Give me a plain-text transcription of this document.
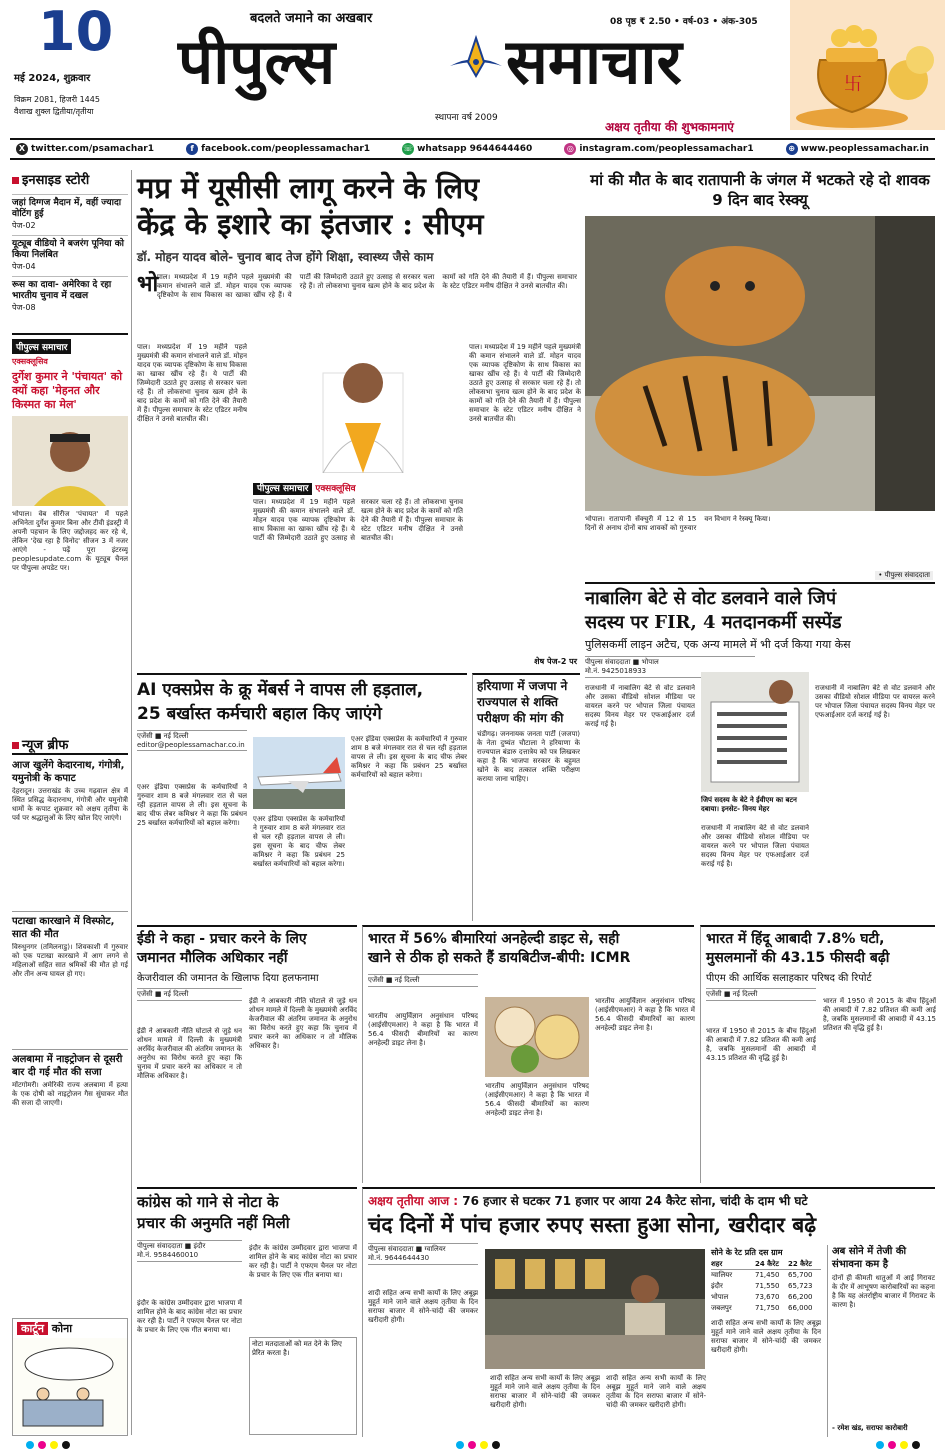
10
मई 2024, शुक्रवार
विक्रम 2081, हिजरी 1445
वैशाख शुक्ल द्वितीया/तृतीया
बदलते जमाने का अखबार
पीपुल्स	समाचार
स्थापना वर्ष 2009
08 पृष्ठ ₹ 2.50 • वर्ष-03 • अंक-305
अक्षय तृतीया की शुभकामनाएं
卐
X twitter.com/psamachar1	f facebook.com/peoplessamachar1	☏ whatsapp 9644644460	◎ instagram.com/peoplessamachar1	⊕ www.peoplessamachar.in
इनसाइड स्टोरी
जहां दिग्गज मैदान में, वहीं ज्यादा वोटिंग हुई
पेज-02
यूट्यूब वीडियो ने बजरंग पूनिया को किया निलंबित
पेज-04
रूस का दावा- अमेरिका दे रहा भारतीय चुनाव में दखल
पेज-08
पीपुल्स समाचार
एक्सक्लूसिव
दुर्गेश कुमार ने 'पंचायत' को क्यों कहा 'मेहनत और किस्मत का मेल'
भोपाल। वेब सीरीज 'पंचायत' में पहले अभिनेता दुर्गेश कुमार बिना और टीवी इंडस्ट्री में अपनी पहचान के लिए जद्दोजहद कर रहे थे, लेकिन 'देख रहा है विनोद' सीजन 3 में नजर आएंगे - पढ़ें पूरा इंटरव्यू peoplesupdate.com के यूट्यूब चैनल पर पीपुल्स अपडेट पर।
न्यूज ब्रीफ
आज खुलेंगे केदारनाथ, गंगोत्री, यमुनोत्री के कपाट
देहरादून। उत्तराखंड के उच्च गढ़वाल क्षेत्र में स्थित प्रसिद्ध केदारनाथ, गंगोत्री और यमुनोत्री धामों के कपाट शुक्रवार को अक्षय तृतीया के पर्व पर श्रद्धालुओं के लिए खोल दिए जाएंगे।
पटाखा कारखाने में विस्फोट, सात की मौत
विरुधुनगर (तमिलनाडु)। शिवकाशी में गुरुवार को एक पटाखा कारखाने में आग लगने से महिलाओं सहित सात श्रमिकों की मौत हो गई और तीन अन्य घायल हो गए।
अलबामा में नाइट्रोजन से दूसरी बार दी गई मौत की सजा
मोंटगोमरी। अमेरिकी राज्य अलबामा में हत्या के एक दोषी को नाइट्रोजन गैस सुंघाकर मौत की सजा दी जाएगी।
कार्टून कोना
मप्र में यूसीसी लागू करने के लिए
केंद्र के इशारे का इंतजार : सीएम
डॉ. मोहन यादव बोले- चुनाव बाद तेज होंगे शिक्षा, स्वास्थ्य जैसे काम
भो
पाल। मध्यप्रदेश में 19 महीने पहले मुख्यमंत्री की कमान संभालने वाले डॉ. मोहन यादव एक व्यापक दृष्टिकोण के साथ विकास का खाका खींच रहे हैं। ये पार्टी की जिम्मेदारी उठाते हुए उत्साह से सरकार चला रहे हैं। तो लोकसभा चुनाव खत्म होने के बाद प्रदेश के कामों को गति देने की तैयारी में हैं। पीपुल्स समाचार के स्टेट एडिटर मनीष दीक्षित ने उनसे बातचीत की।
पाल। मध्यप्रदेश में 19 महीने पहले मुख्यमंत्री की कमान संभालने वाले डॉ. मोहन यादव एक व्यापक दृष्टिकोण के साथ विकास का खाका खींच रहे हैं। ये पार्टी की जिम्मेदारी उठाते हुए उत्साह से सरकार चला रहे हैं। तो लोकसभा चुनाव खत्म होने के बाद प्रदेश के कामों को गति देने की तैयारी में हैं। पीपुल्स समाचार के स्टेट एडिटर मनीष दीक्षित ने उनसे बातचीत की।
पीपुल्स समाचार एक्सक्लूसिव
पाल। मध्यप्रदेश में 19 महीने पहले मुख्यमंत्री की कमान संभालने वाले डॉ. मोहन यादव एक व्यापक दृष्टिकोण के साथ विकास का खाका खींच रहे हैं। ये पार्टी की जिम्मेदारी उठाते हुए उत्साह से सरकार चला रहे हैं। तो लोकसभा चुनाव खत्म होने के बाद प्रदेश के कामों को गति देने की तैयारी में हैं। पीपुल्स समाचार के स्टेट एडिटर मनीष दीक्षित ने उनसे बातचीत की।
पाल। मध्यप्रदेश में 19 महीने पहले मुख्यमंत्री की कमान संभालने वाले डॉ. मोहन यादव एक व्यापक दृष्टिकोण के साथ विकास का खाका खींच रहे हैं। ये पार्टी की जिम्मेदारी उठाते हुए उत्साह से सरकार चला रहे हैं। तो लोकसभा चुनाव खत्म होने के बाद प्रदेश के कामों को गति देने की तैयारी में हैं। पीपुल्स समाचार के स्टेट एडिटर मनीष दीक्षित ने उनसे बातचीत की।
शेष पेज-2 पर
मां की मौत के बाद रातापानी के जंगल में भटकते रहे दो शावक 9 दिन बाद रेस्क्यू
भोपाल। रातापानी सेंक्चुरी में 12 से 15 दिनों से अनाथ दोनों बाघ शावकों को गुरुवार वन विभाग ने रेस्क्यू किया।
• पीपुल्स संवाददाता
नाबालिग बेटे से वोट डलवाने वाले जिपं
सदस्य पर FIR, 4 मतदानकर्मी सस्पेंड
पुलिसकर्मी लाइन अटैच, एक अन्य मामले में भी दर्ज किया गया केस
पीपुल्स संवाददाता ■ भोपाल
मो.नं. 9425018933
राजधानी में नाबालिग बेटे से वोट डलवाने और उसका वीडियो सोशल मीडिया पर वायरल करने पर भोपाल जिला पंचायत सदस्य विनय मेहर पर एफआईआर दर्ज कराई गई है।
जिपं सदस्य के बेटे ने ईवीएम का बटन दबाया। इनसेट- विनय मेहर
राजधानी में नाबालिग बेटे से वोट डलवाने और उसका वीडियो सोशल मीडिया पर वायरल करने पर भोपाल जिला पंचायत सदस्य विनय मेहर पर एफआईआर दर्ज कराई गई है।
राजधानी में नाबालिग बेटे से वोट डलवाने और उसका वीडियो सोशल मीडिया पर वायरल करने पर भोपाल जिला पंचायत सदस्य विनय मेहर पर एफआईआर दर्ज कराई गई है।
AI एक्सप्रेस के क्रू मेंबर्स ने वापस ली हड़ताल,
25 बर्खास्त कर्मचारी बहाल किए जाएंगे
एजेंसी ■ नई दिल्ली
editor@peoplessamachar.co.in
एअर इंडिया एक्सप्रेस के कर्मचारियों ने गुरुवार शाम 8 बजे मंगलवार रात से चल रही हड़ताल वापस ले ली। इस सूचना के बाद चीफ लेबर कमिश्नर ने कहा कि प्रबंधन 25 बर्खास्त कर्मचारियों को बहाल करेगा।	एअर इंडिया एक्सप्रेस के कर्मचारियों ने गुरुवार शाम 8 बजे मंगलवार रात से चल रही हड़ताल वापस ले ली। इस सूचना के बाद चीफ लेबर कमिश्नर ने कहा कि प्रबंधन 25 बर्खास्त कर्मचारियों को बहाल करेगा।
एअर इंडिया एक्सप्रेस के कर्मचारियों ने गुरुवार शाम 8 बजे मंगलवार रात से चल रही हड़ताल वापस ले ली। इस सूचना के बाद चीफ लेबर कमिश्नर ने कहा कि प्रबंधन 25 बर्खास्त कर्मचारियों को बहाल करेगा।
हरियाणा में जजपा ने राज्यपाल से शक्ति परीक्षण की मांग की
चंडीगढ़। जननायक जनता पार्टी (जजपा) के नेता दुष्यंत चौटाला ने हरियाणा के राज्यपाल बंडारु दत्तात्रेय को पत्र लिखकर कहा है कि भाजपा सरकार के बहुमत खोने के बाद तत्काल शक्ति परीक्षण कराया जाना चाहिए।
ईडी ने कहा - प्रचार करने के लिए
जमानत मौलिक अधिकार नहीं
केजरीवाल की जमानत के खिलाफ दिया हलफनामा
एजेंसी ■ नई दिल्ली
ईडी ने आबकारी नीति घोटाले से जुड़े धन शोधन मामले में दिल्ली के मुख्यमंत्री अरविंद केजरीवाल की अंतरिम जमानत के अनुरोध का विरोध करते हुए कहा कि चुनाव में प्रचार करने का अधिकार न तो मौलिक अधिकार है।
ईडी ने आबकारी नीति घोटाले से जुड़े धन शोधन मामले में दिल्ली के मुख्यमंत्री अरविंद केजरीवाल की अंतरिम जमानत के अनुरोध का विरोध करते हुए कहा कि चुनाव में प्रचार करने का अधिकार न तो मौलिक अधिकार है।
भारत में 56% बीमारियां अनहेल्दी डाइट से, सही
खाने से ठीक हो सकते हैं डायबिटीज-बीपी: ICMR
एजेंसी ■ नई दिल्ली
भारतीय आयुर्विज्ञान अनुसंधान परिषद (आईसीएमआर) ने कहा है कि भारत में 56.4 फीसदी बीमारियों का कारण अनहेल्दी डाइट लेना है।
भारतीय आयुर्विज्ञान अनुसंधान परिषद (आईसीएमआर) ने कहा है कि भारत में 56.4 फीसदी बीमारियों का कारण अनहेल्दी डाइट लेना है।
भारतीय आयुर्विज्ञान अनुसंधान परिषद (आईसीएमआर) ने कहा है कि भारत में 56.4 फीसदी बीमारियों का कारण अनहेल्दी डाइट लेना है।
भारत में हिंदू आबादी 7.8% घटी,
मुसलमानों की 43.15 फीसदी बढ़ी
पीएम की आर्थिक सलाहकार परिषद की रिपोर्ट
एजेंसी ■ नई दिल्ली
भारत में 1950 से 2015 के बीच हिंदुओं की आबादी में 7.82 प्रतिशत की कमी आई है, जबकि मुसलमानों की आबादी में 43.15 प्रतिशत की वृद्धि हुई है।
भारत में 1950 से 2015 के बीच हिंदुओं की आबादी में 7.82 प्रतिशत की कमी आई है, जबकि मुसलमानों की आबादी में 43.15 प्रतिशत की वृद्धि हुई है।
कांग्रेस को गाने से नोटा के
प्रचार की अनुमति नहीं मिली
पीपुल्स संवाददाता ■ इंदौर
मो.नं. 9584460010
इंदौर के कांग्रेस उम्मीदवार द्वारा भाजपा में शामिल होने के बाद कांग्रेस नोटा का प्रचार कर रही है। पार्टी ने एफएम चैनल पर नोटा के प्रचार के लिए एक गीत बनाया था।
इंदौर के कांग्रेस उम्मीदवार द्वारा भाजपा में शामिल होने के बाद कांग्रेस नोटा का प्रचार कर रही है। पार्टी ने एफएम चैनल पर नोटा के प्रचार के लिए एक गीत बनाया था।
नोटा मतदाताओं को मत देने के लिए प्रेरित करता है।
अक्षय तृतीया आज : 76 हजार से घटकर 71 हजार पर आया 24 कैरेट सोना, चांदी के दाम भी घटे
चंद दिनों में पांच हजार रुपए सस्ता हुआ सोना, खरीदार बढ़े
पीपुल्स संवाददाता ■ ग्वालियर
मो.नं. 9644644430
शादी सहित अन्य सभी कार्यों के लिए अबूझ मुहूर्त माने जाने वाले अक्षय तृतीया के दिन सराफा बाजार में सोने-चांदी की जमकर खरीदारी होगी।
शादी सहित अन्य सभी कार्यों के लिए अबूझ मुहूर्त माने जाने वाले अक्षय तृतीया के दिन सराफा बाजार में सोने-चांदी की जमकर खरीदारी होगी।
शादी सहित अन्य सभी कार्यों के लिए अबूझ मुहूर्त माने जाने वाले अक्षय तृतीया के दिन सराफा बाजार में सोने-चांदी की जमकर खरीदारी होगी।
सोने के रेट प्रति दस ग्राम
शहर	24 कैरेट	22 कैरेट
ग्वालियर	71,450	65,700
इंदौर	71,550	65,723
भोपाल	73,670	66,200
जबलपुर	71,750	66,000
शादी सहित अन्य सभी कार्यों के लिए अबूझ मुहूर्त माने जाने वाले अक्षय तृतीया के दिन सराफा बाजार में सोने-चांदी की जमकर खरीदारी होगी।
अब सोने में तेजी की संभावना कम है
दोनों ही कीमती धातुओं में आई गिरावट के दौर में आभूषण कारोबारियों का कहना है कि यह अंतर्राष्ट्रीय बाजार में गिरावट के कारण है।
- रमेश खंड, सराफा कारोबारी
